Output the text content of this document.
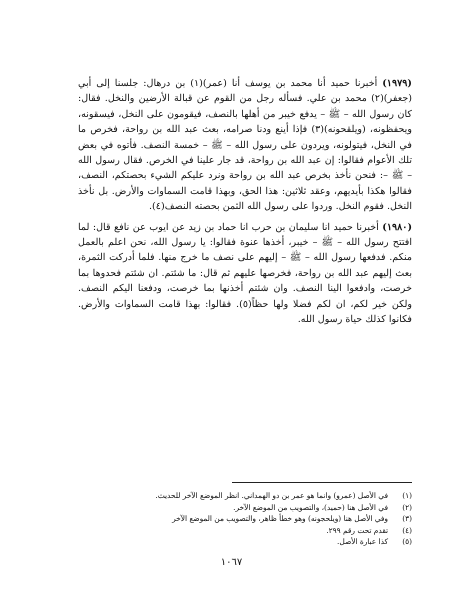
(١٩٧٩) أخبرنا حميد أنا محمد بن يوسف أنا (عمر)(١) بن درهال: جلسنا إلى أبي (جعفر)(٢) محمد بن علي. فسأله رجل من القوم عن قبالة الأرضين والنخل. فقال: كان رسول الله – ﷺ – يدفع خيبر من أهلها بالنصف، فيقومون على النخل، فيسقونه، ويحفظونه، (ويلقحونه)(٣) فإذا أينع ودنا صرامه، بعث عبد الله بن رواحة، فخرص ما في النخل، فيتولونه، ويردون على رسول الله – ﷺ – خمسة النصف. فأتوه في بعض تلك الأعوام فقالوا: إن عبد الله بن رواحة، قد جار علينا في الخرص. فقال رسول الله – ﷺ –: فنحن نأخذ بخرص عبد الله بن رواحة ونرد عليكم الشيء بحصتكم، النصف، فقالوا هكذا بأيديهم، وعقد ثلاثين: هذا الحق، وبهذا قامت السماوات والأرض. بل نأخذ النخل. فقوم النخل. وردوا على رسول الله الثمن بحصته النصف(٤).

(١٩٨٠) أخبرنا حميد انا سليمان بن حرب انا حماد بن زيد عن ايوب عن نافع قال: لما افتتح رسول الله – ﷺ – خيبر، أخذها عنوة فقالوا: يا رسول الله، نحن اعلم بالعمل منكم. فدفعها رسول الله – ﷺ – إليهم على نصف ما خرج منها. فلما أدركت الثمرة، بعث إليهم عبد الله بن رواحة، فخرصها عليهم ثم قال: ما شئتم. ان شئتم فحدوها بما خرصت، وادفعوا الينا النصف. وان شئتم أخذنها بما خرصت، ودفعنا اليكم النصف. ولكن خير لكم، ان لكم فضلا ولها حظاً(٥). فقالوا: بهذا قامت السماوات والأرض. فكانوا كذلك حياة رسول الله.

(١)
في الأصل (عمرو) وانما هو عمر بن دو الهمداني. انظر الموضع الآخر للحديث.
(٢)
في الأصل هنا (حميد)، والتصويب من الموضع الآخر.
(٣)
وفي الأصل هنا (ويلحجونه) وهو خطأ ظاهر، والتصويب من الموضع الآخر
(٤)
تقدم تحت رقم ٢٩٩.
(٥)
كذا عبارة الأصل.
١٠٦٧
